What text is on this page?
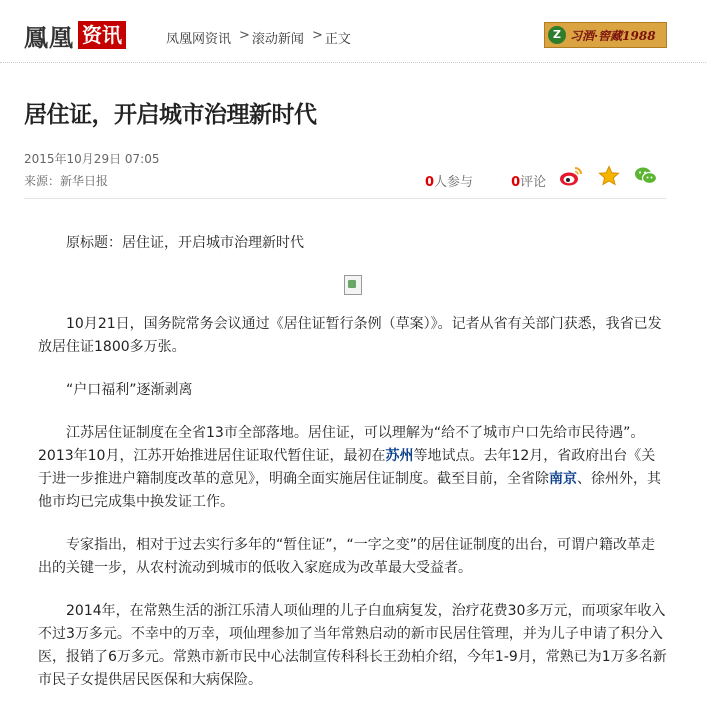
鳳凰 资讯	凤凰网资讯 > 滚动新闻 > 正文	Z 习酒·窖藏1988
居住证，开启城市治理新时代
2015年10月29日 07:05
来源：新华日报	0人参与	0评论

原标题：居住证，开启城市治理新时代

10月21日，国务院常务会议通过《居住证暂行条例（草案）》。记者从省有关部门获悉，我省已发放居住证1800多万张。

“户口福利”逐渐剥离

江苏居住证制度在全省13市全部落地。居住证，可以理解为“给不了城市户口先给市民待遇”。2013年10月，江苏开始推进居住证取代暂住证，最初在苏州等地试点。去年12月，省政府出台《关于进一步推进户籍制度改革的意见》，明确全面实施居住证制度。截至目前，全省除南京、徐州外，其他市均已完成集中换发证工作。

专家指出，相对于过去实行多年的“暂住证”，“一字之变”的居住证制度的出台，可谓户籍改革走出的关键一步，从农村流动到城市的低收入家庭成为改革最大受益者。

2014年，在常熟生活的浙江乐清人项仙理的儿子白血病复发，治疗花费30多万元，而项家年收入不过3万多元。不幸中的万幸，项仙理参加了当年常熟启动的新市民居住管理，并为儿子申请了积分入医，报销了6万多元。常熟市新市民中心法制宣传科科长王劲柏介绍，今年1-9月，常熟已为1万多名新市民子女提供居民医保和大病保险。
